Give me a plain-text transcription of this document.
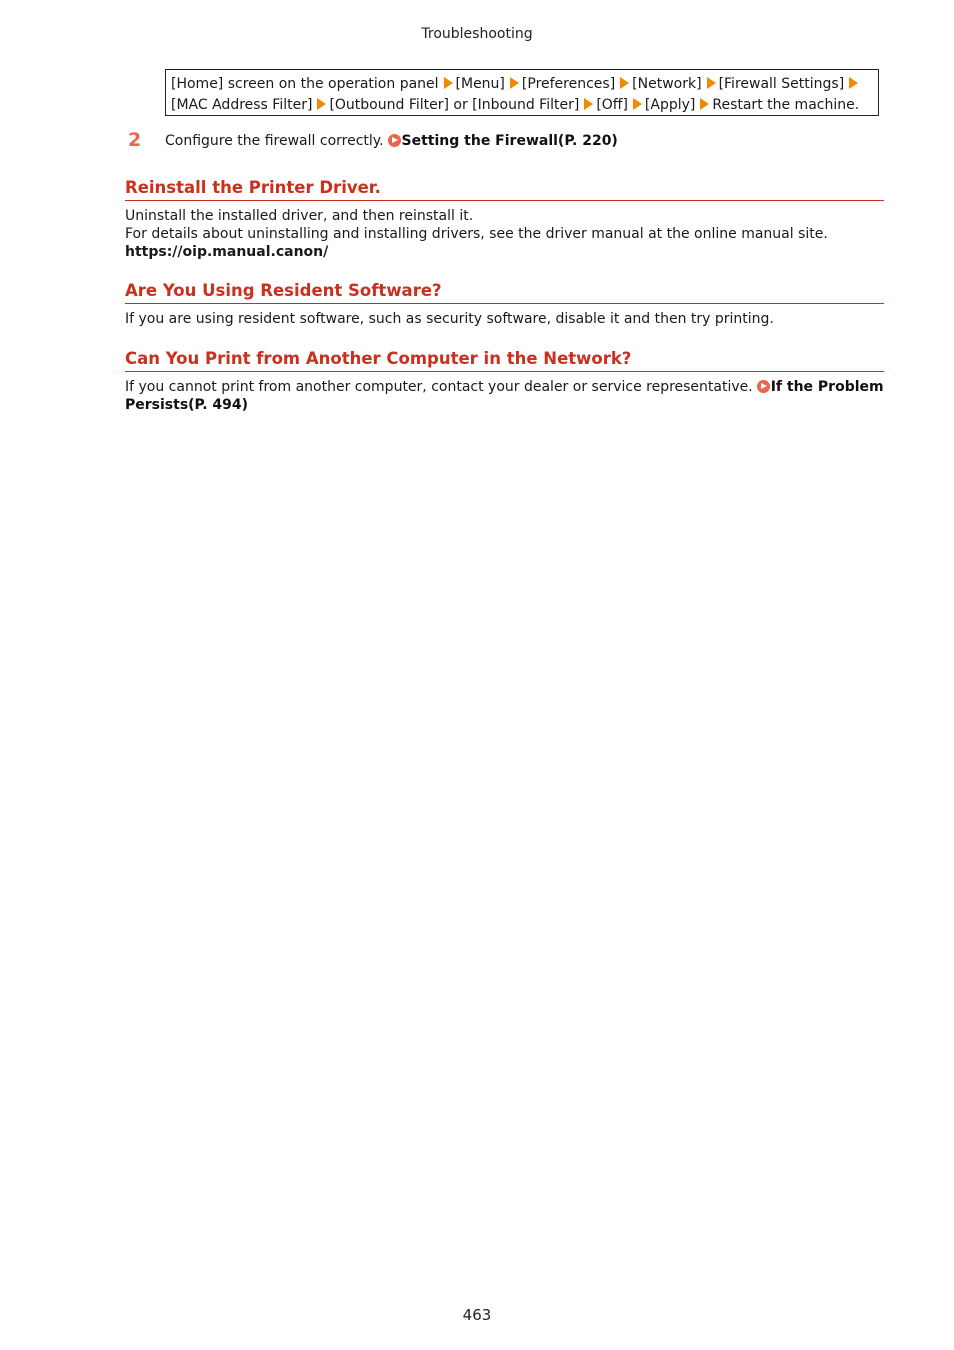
Troubleshooting
[Home] screen on the operation panel [Menu] [Preferences] [Network] [Firewall Settings]
[MAC Address Filter] [Outbound Filter] or [Inbound Filter] [Off] [Apply] Restart the machine.
2 Configure the firewall correctly. Setting the Firewall(P. 220)
Reinstall the Printer Driver.

Uninstall the installed driver, and then reinstall it.

For details about uninstalling and installing drivers, see the driver manual at the online manual site.

https://oip.manual.canon/

Are You Using Resident Software?

If you are using resident software, such as security software, disable it and then try printing.

Can You Print from Another Computer in the Network?

If you cannot print from another computer, contact your dealer or service representative. If the Problem
Persists(P. 494)

463
